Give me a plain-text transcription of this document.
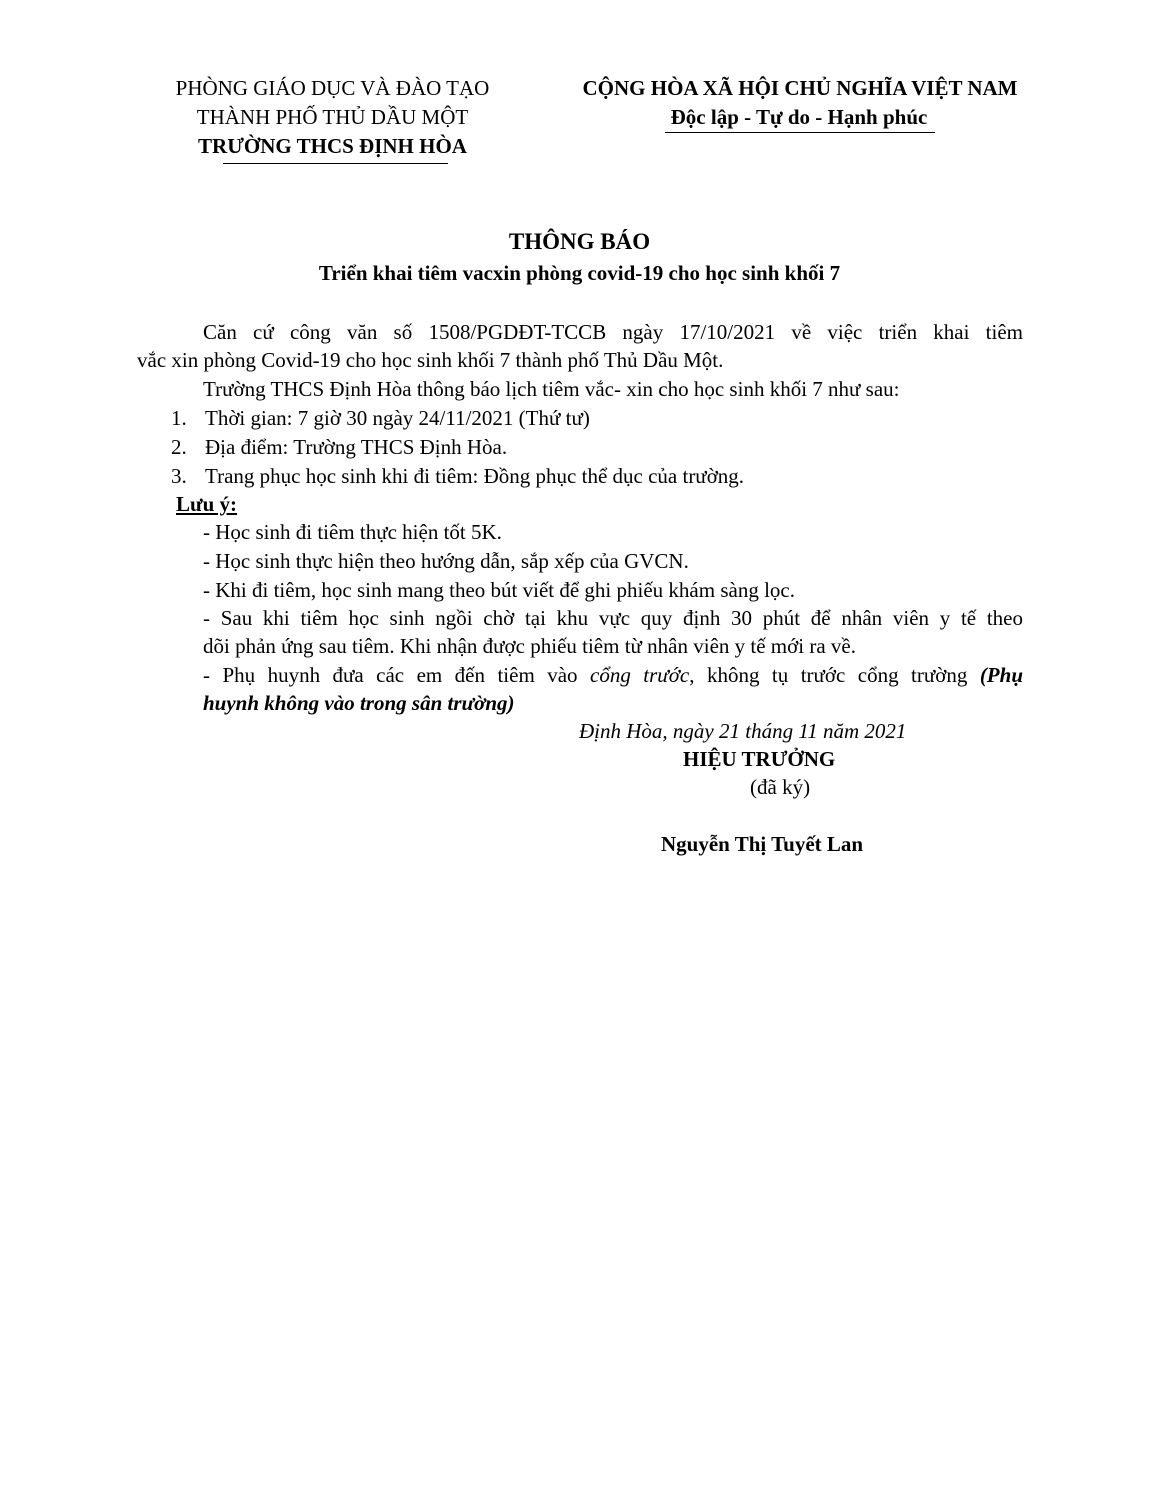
PHÒNG GIÁO DỤC VÀ ĐÀO TẠO
THÀNH PHỐ THỦ DẦU MỘT
TRƯỜNG THCS ĐỊNH HÒA
CỘNG HÒA XÃ HỘI CHỦ NGHĨA VIỆT NAM
Độc lập - Tự do - Hạnh phúc
THÔNG BÁO
Triển khai tiêm vacxin phòng covid-19 cho học sinh khối 7
Căn cứ công văn số 1508/PGDĐT-TCCB ngày 17/10/2021 về việc triển khai tiêm
vắc xin phòng Covid-19 cho học sinh khối 7 thành phố Thủ Dầu Một.
Trường THCS Định Hòa thông báo lịch tiêm vắc- xin cho học sinh khối 7 như sau:
1. Thời gian: 7 giờ 30 ngày 24/11/2021 (Thứ tư)
2. Địa điểm: Trường THCS Định Hòa.
3. Trang phục học sinh khi đi tiêm: Đồng phục thể dục của trường.
Lưu ý:
- Học sinh đi tiêm thực hiện tốt 5K.
- Học sinh thực hiện theo hướng dẫn, sắp xếp của GVCN.
- Khi đi tiêm, học sinh mang theo bút viết để ghi phiếu khám sàng lọc.
- Sau khi tiêm học sinh ngồi chờ tại khu vực quy định 30 phút để nhân viên y tế theo
dõi phản ứng sau tiêm. Khi nhận được phiếu tiêm từ nhân viên y tế mới ra về.
- Phụ huynh đưa các em đến tiêm vào cổng trước, không tụ trước cổng trường (Phụ
huynh không vào trong sân trường)
Định Hòa, ngày 21 tháng 11 năm 2021
HIỆU TRƯỞNG
(đã ký)
Nguyễn Thị Tuyết Lan
